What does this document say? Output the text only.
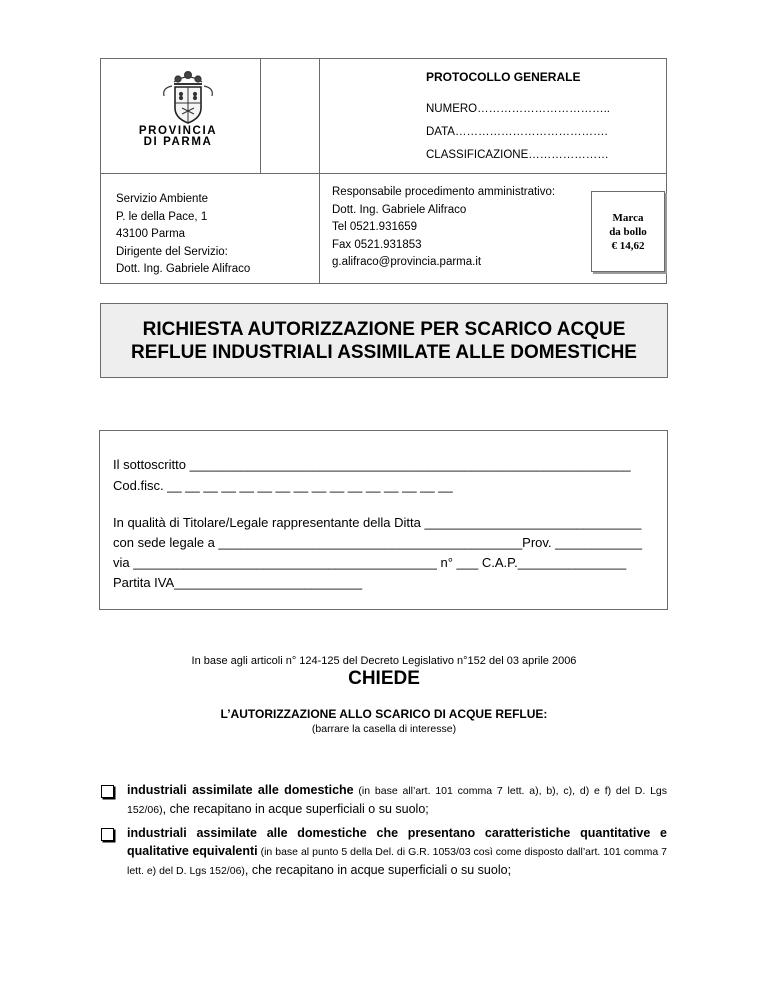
PROVINCIA
DI PARMA
PROTOCOLLO GENERALE
NUMERO……………………………..
DATA………………………………….
CLASSIFICAZIONE…………………
Servizio Ambiente
P. le della Pace, 1
43100 Parma
Dirigente del Servizio:
Dott. Ing. Gabriele Alifraco
Responsabile procedimento amministrativo:
Dott. Ing. Gabriele Alifraco
Tel 0521.931659
Fax 0521.931853
g.alifraco@provincia.parma.it
Marca
da bollo
€ 14,62
RICHIESTA AUTORIZZAZIONE PER SCARICO ACQUE
REFLUE INDUSTRIALI ASSIMILATE ALLE DOMESTICHE
Il sottoscritto _____________________________________________________________
Cod.fisc. __ __ __ __ __ __ __ __ __ __ __ __ __ __ __ __
In qualità di Titolare/Legale rappresentante della Ditta ______________________________
con sede legale a __________________________________________Prov. ____________
via __________________________________________ n° ___ C.A.P._______________
Partita IVA__________________________
In base agli articoli n° 124-125 del Decreto Legislativo n°152 del 03 aprile 2006
CHIEDE
L’AUTORIZZAZIONE ALLO SCARICO DI ACQUE REFLUE:
(barrare la casella di interesse)
industriali assimilate alle domestiche (in base all’art. 101 comma 7 lett. a), b), c), d) e f) del D. Lgs 152/06), che recapitano in acque superficiali o su suolo;
industriali assimilate alle domestiche che presentano caratteristiche quantitative e qualitative equivalenti (in base al punto 5 della Del. di G.R. 1053/03 così come disposto dall’art. 101 comma 7 lett. e) del D. Lgs 152/06), che recapitano in acque superficiali o su suolo;
